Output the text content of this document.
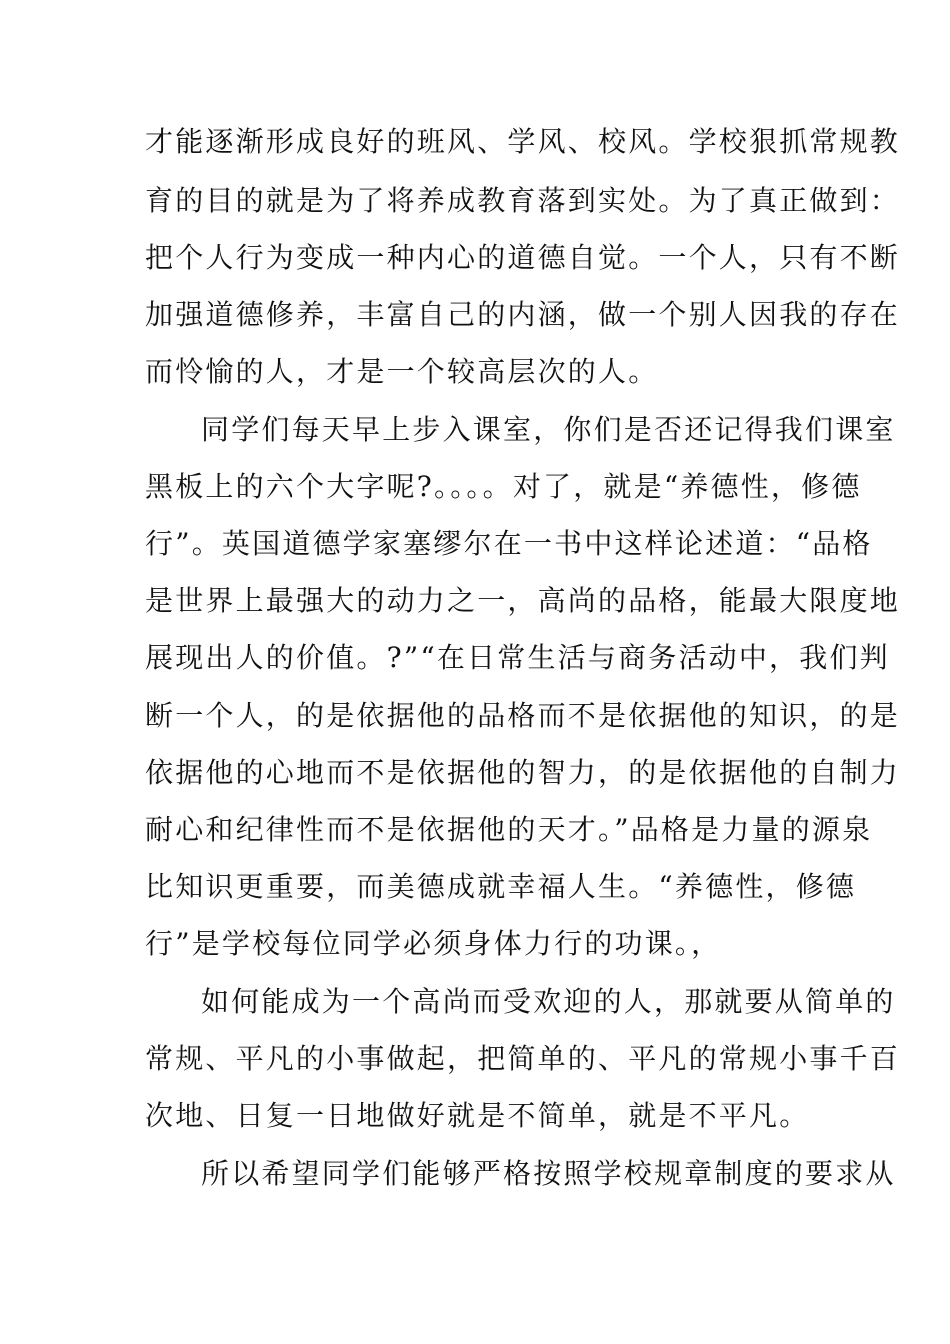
才能逐渐形成良好的班风、学风、校风。学校狠抓常规教
育的目的就是为了将养成教育落到实处。为了真正做到：
把个人行为变成一种内心的道德自觉。一个人，只有不断
加强道德修养，丰富自己的内涵，做一个别人因我的存在
而怜愉的人，才是一个较高层次的人。
同学们每天早上步入课室，你们是否还记得我们课室
黑板上的六个大字呢?。。。。对了，就是“养德性，修德
行”。英国道德学家塞缪尔在一书中这样论述道：“品格
是世界上最强大的动力之一，高尚的品格，能最大限度地
展现出人的价值。?”“在日常生活与商务活动中，我们判
断一个人，的是依据他的品格而不是依据他的知识，的是
依据他的心地而不是依据他的智力，的是依据他的自制力
耐心和纪律性而不是依据他的天才。”品格是力量的源泉
比知识更重要，而美德成就幸福人生。“养德性，修德
行”是学校每位同学必须身体力行的功课。，
如何能成为一个高尚而受欢迎的人，那就要从简单的
常规、平凡的小事做起，把简单的、平凡的常规小事千百
次地、日复一日地做好就是不简单，就是不平凡。
所以希望同学们能够严格按照学校规章制度的要求从
